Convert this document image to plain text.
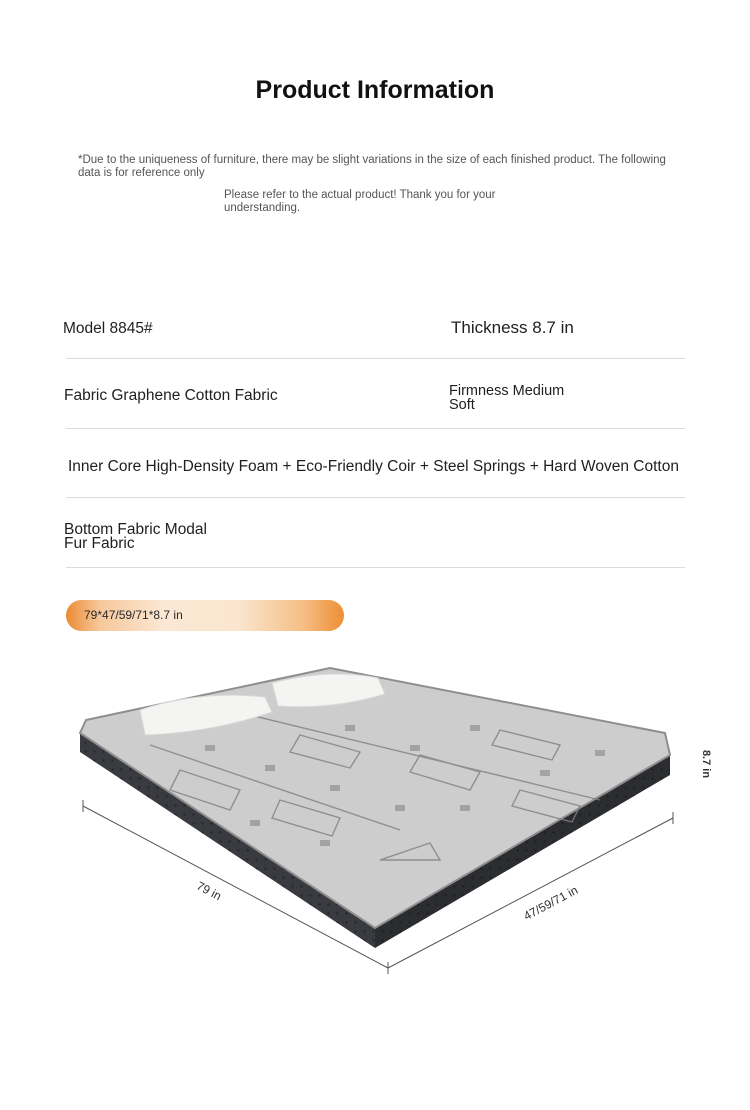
Product Information
*Due to the uniqueness of furniture, there may be slight variations in the size of each finished product. The following data is for reference only
Please refer to the actual product! Thank you for your understanding.
Model 8845#	Thickness 8.7 in
Fabric Graphene Cotton Fabric	Firmness Medium
Soft
Inner Core High-Density Foam + Eco-Friendly Coir + Steel Springs + Hard Woven Cotton
Bottom Fabric Modal
Fur Fabric
79*47/59/71*8.7 in
79 in	47/59/71 in
8.7 in
